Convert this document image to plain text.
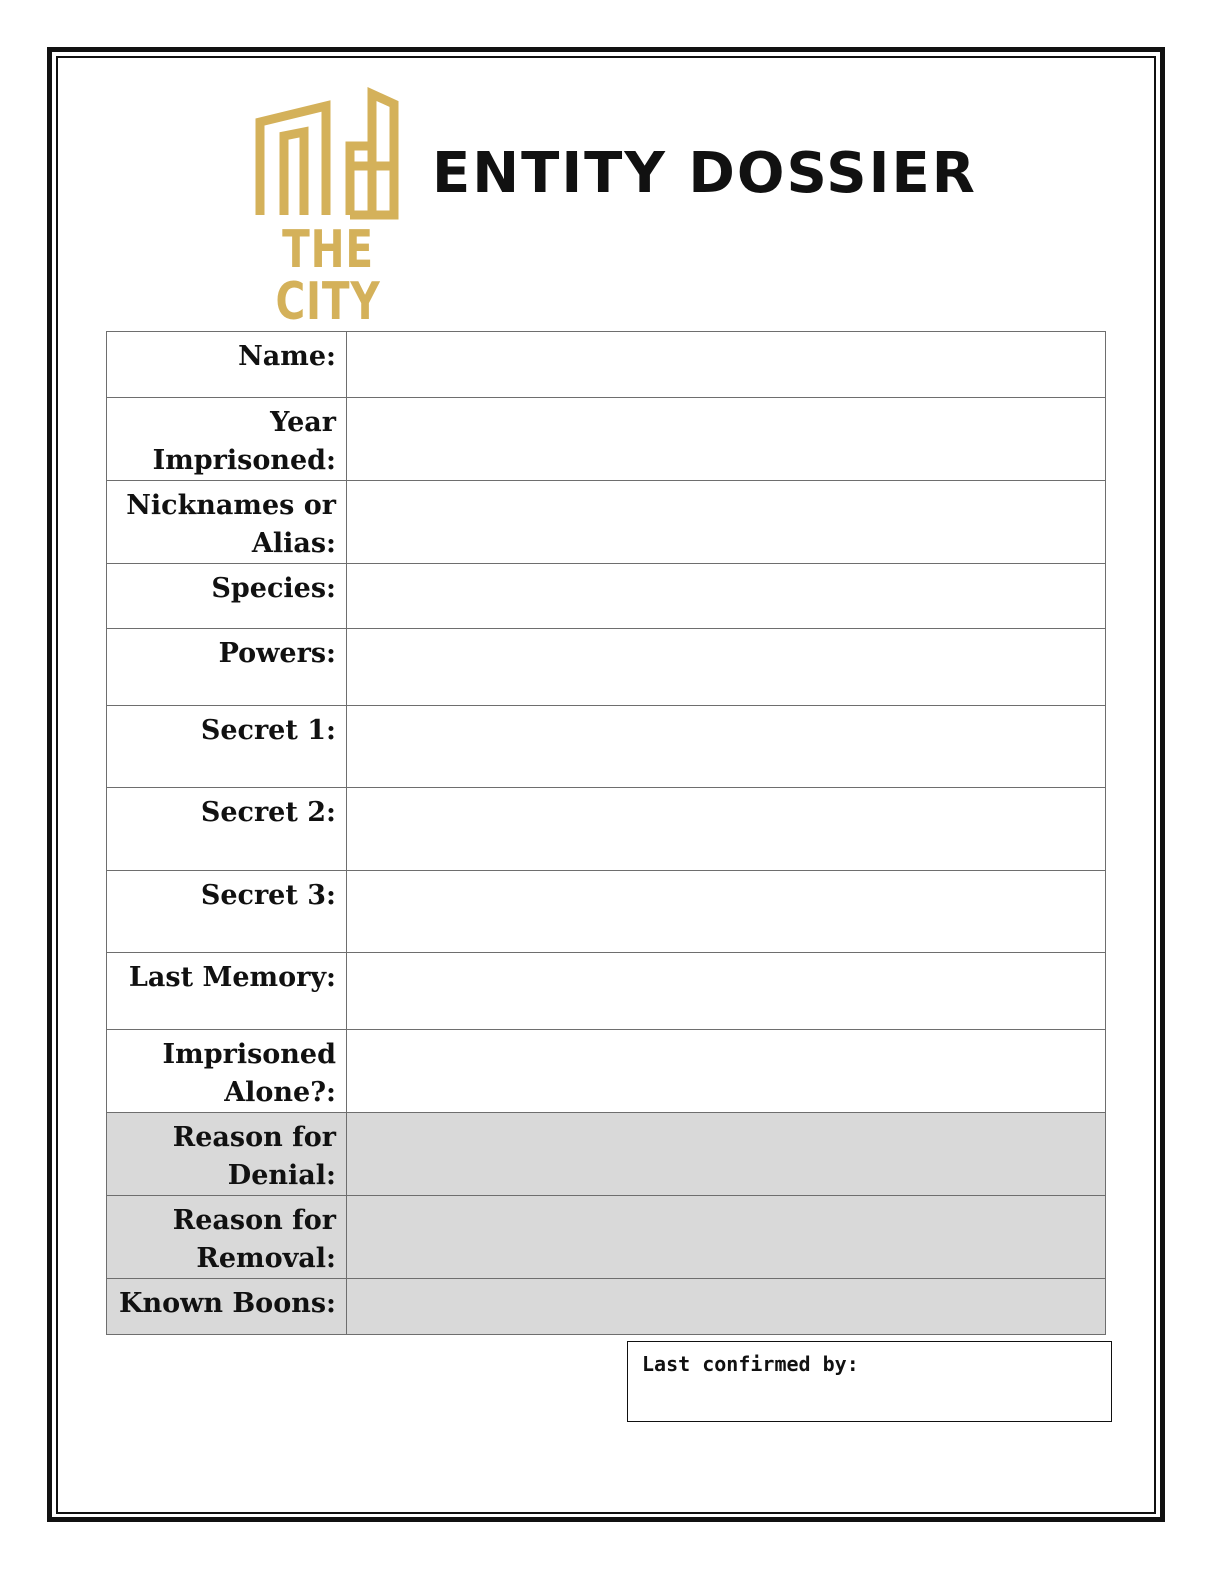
THE CITY
ENTITY DOSSIER
Name:	
Year Imprisoned:	
Nicknames or Alias:	
Species:	
Powers:	
Secret 1:	
Secret 2:	
Secret 3:	
Last Memory:	
Imprisoned Alone?:	
Reason for Denial:	
Reason for Removal:	
Known Boons:	
Last confirmed by:
